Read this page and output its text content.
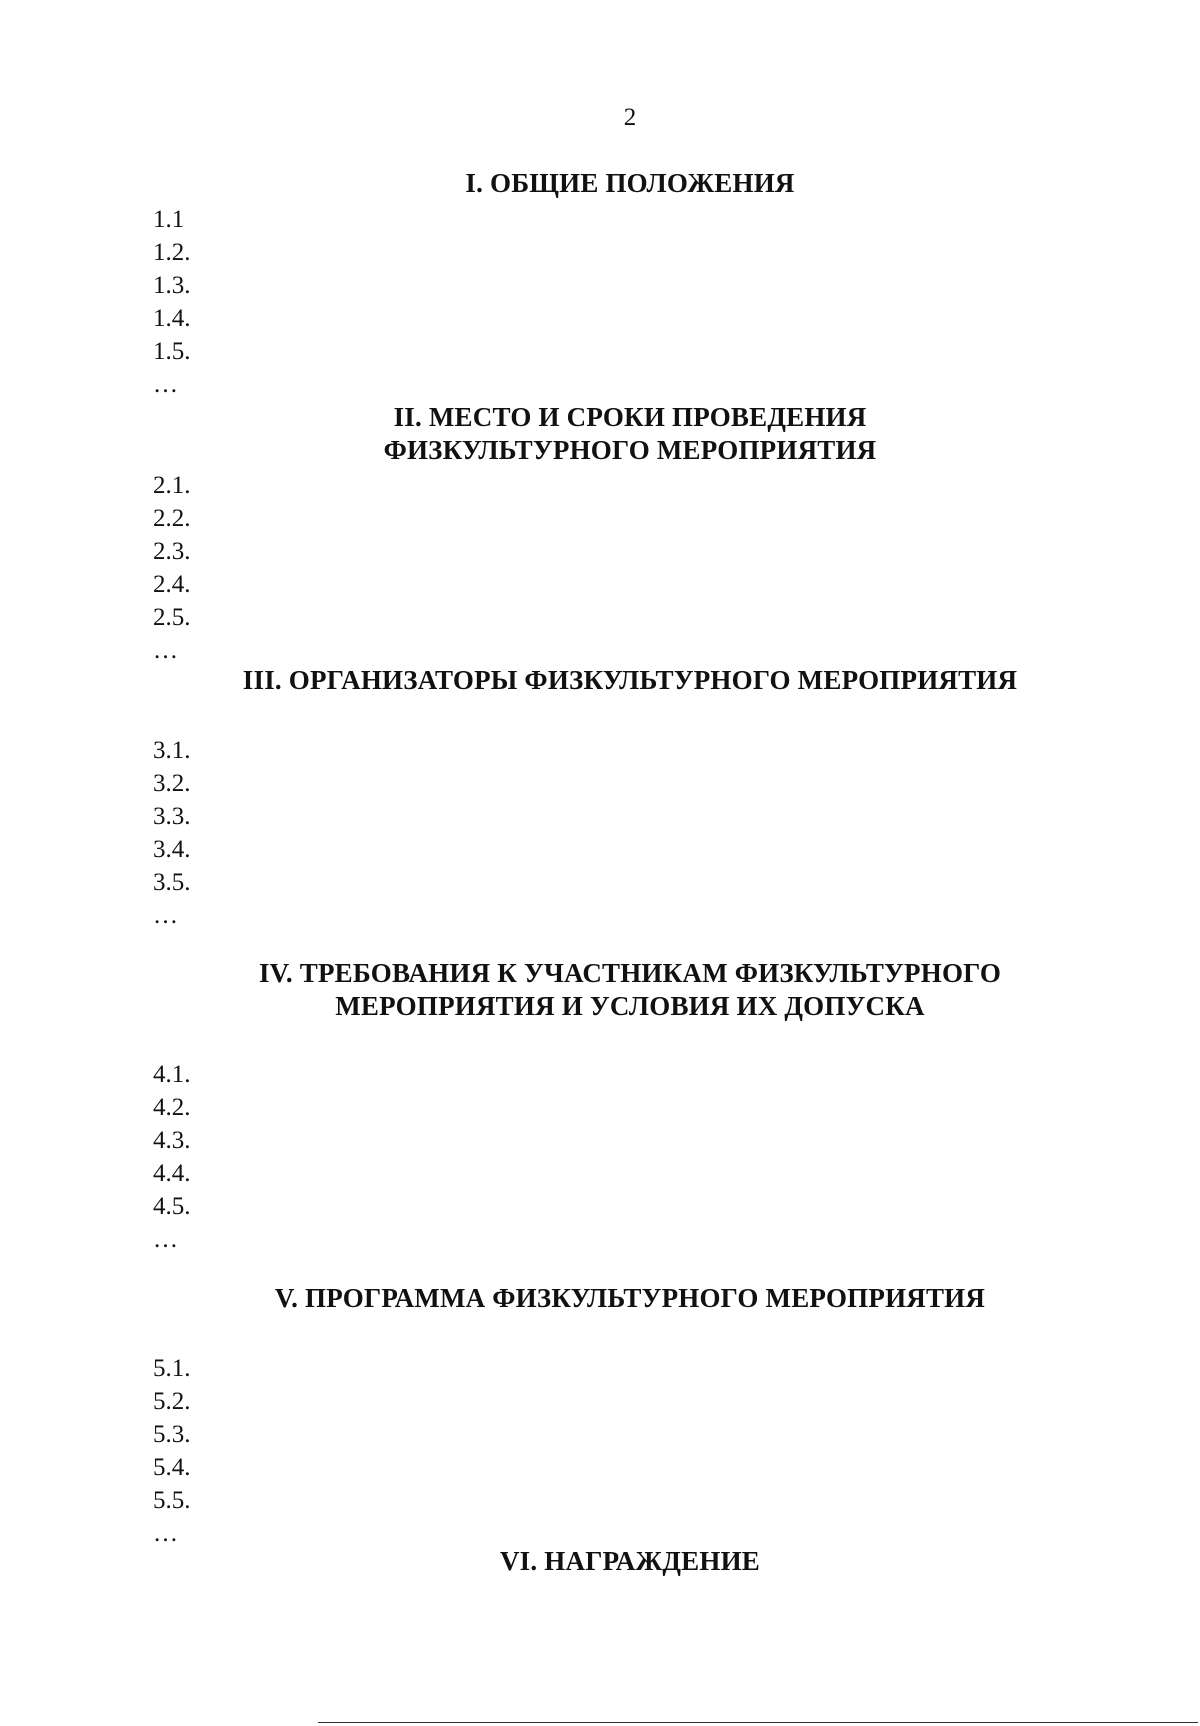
2
I. ОБЩИЕ ПОЛОЖЕНИЯ
1.1
1.2.
1.3.
1.4.
1.5.
…
II. МЕСТО И СРОКИ ПРОВЕДЕНИЯ
ФИЗКУЛЬТУРНОГО МЕРОПРИЯТИЯ
2.1.
2.2.
2.3.
2.4.
2.5.
…
III. ОРГАНИЗАТОРЫ ФИЗКУЛЬТУРНОГО МЕРОПРИЯТИЯ
3.1.
3.2.
3.3.
3.4.
3.5.
…
IV. ТРЕБОВАНИЯ К УЧАСТНИКАМ ФИЗКУЛЬТУРНОГО
МЕРОПРИЯТИЯ И УСЛОВИЯ ИХ ДОПУСКА
4.1.
4.2.
4.3.
4.4.
4.5.
…
V. ПРОГРАММА ФИЗКУЛЬТУРНОГО МЕРОПРИЯТИЯ
5.1.
5.2.
5.3.
5.4.
5.5.
…
VI. НАГРАЖДЕНИЕ
